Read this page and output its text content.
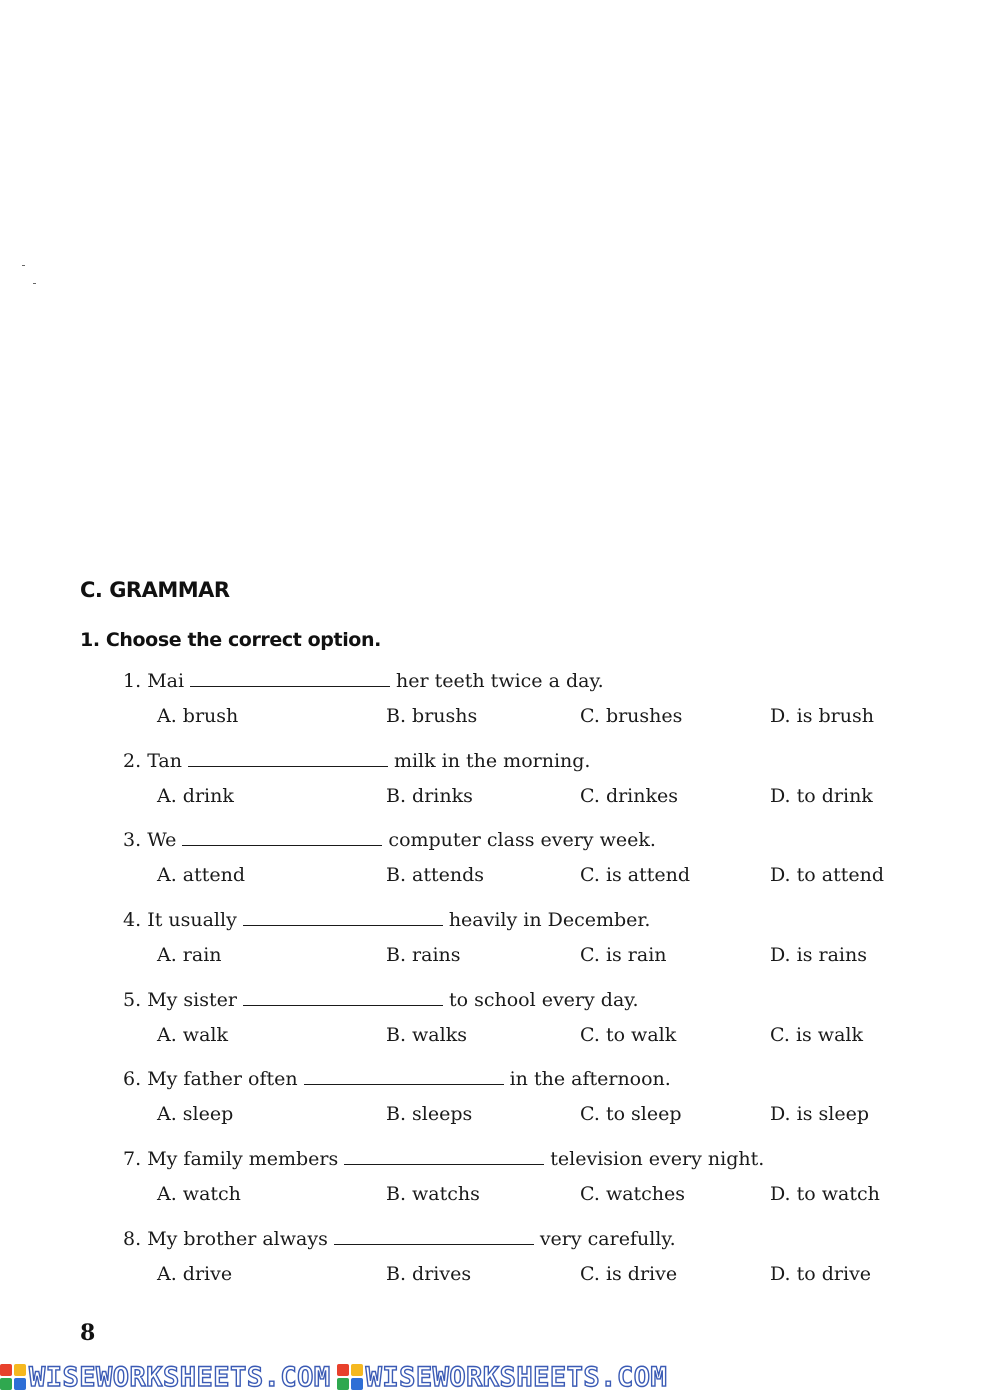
C. GRAMMAR
1. Choose the correct option.
1. Mai	her teeth twice a day.
A. brush	B. brushs	C. brushes	D. is brush
2. Tan	milk in the morning.
A. drink	B. drinks	C. drinkes	D. to drink
3. We	computer class every week.
A. attend	B. attends	C. is attend	D. to attend
4. It usually	heavily in December.
A. rain	B. rains	C. is rain	D. is rains
5. My sister	to school every day.
A. walk	B. walks	C. to walk	C. is walk
6. My father often	in the afternoon.
A. sleep	B. sleeps	C. to sleep	D. is sleep
7. My family members	television every night.
A. watch	B. watchs	C. watches	D. to watch
8. My brother always	very carefully.
A. drive	B. drives	C. is drive	D. to drive
8
WISEWORKSHEETS.COM WISEWORKSHEETS.COM
